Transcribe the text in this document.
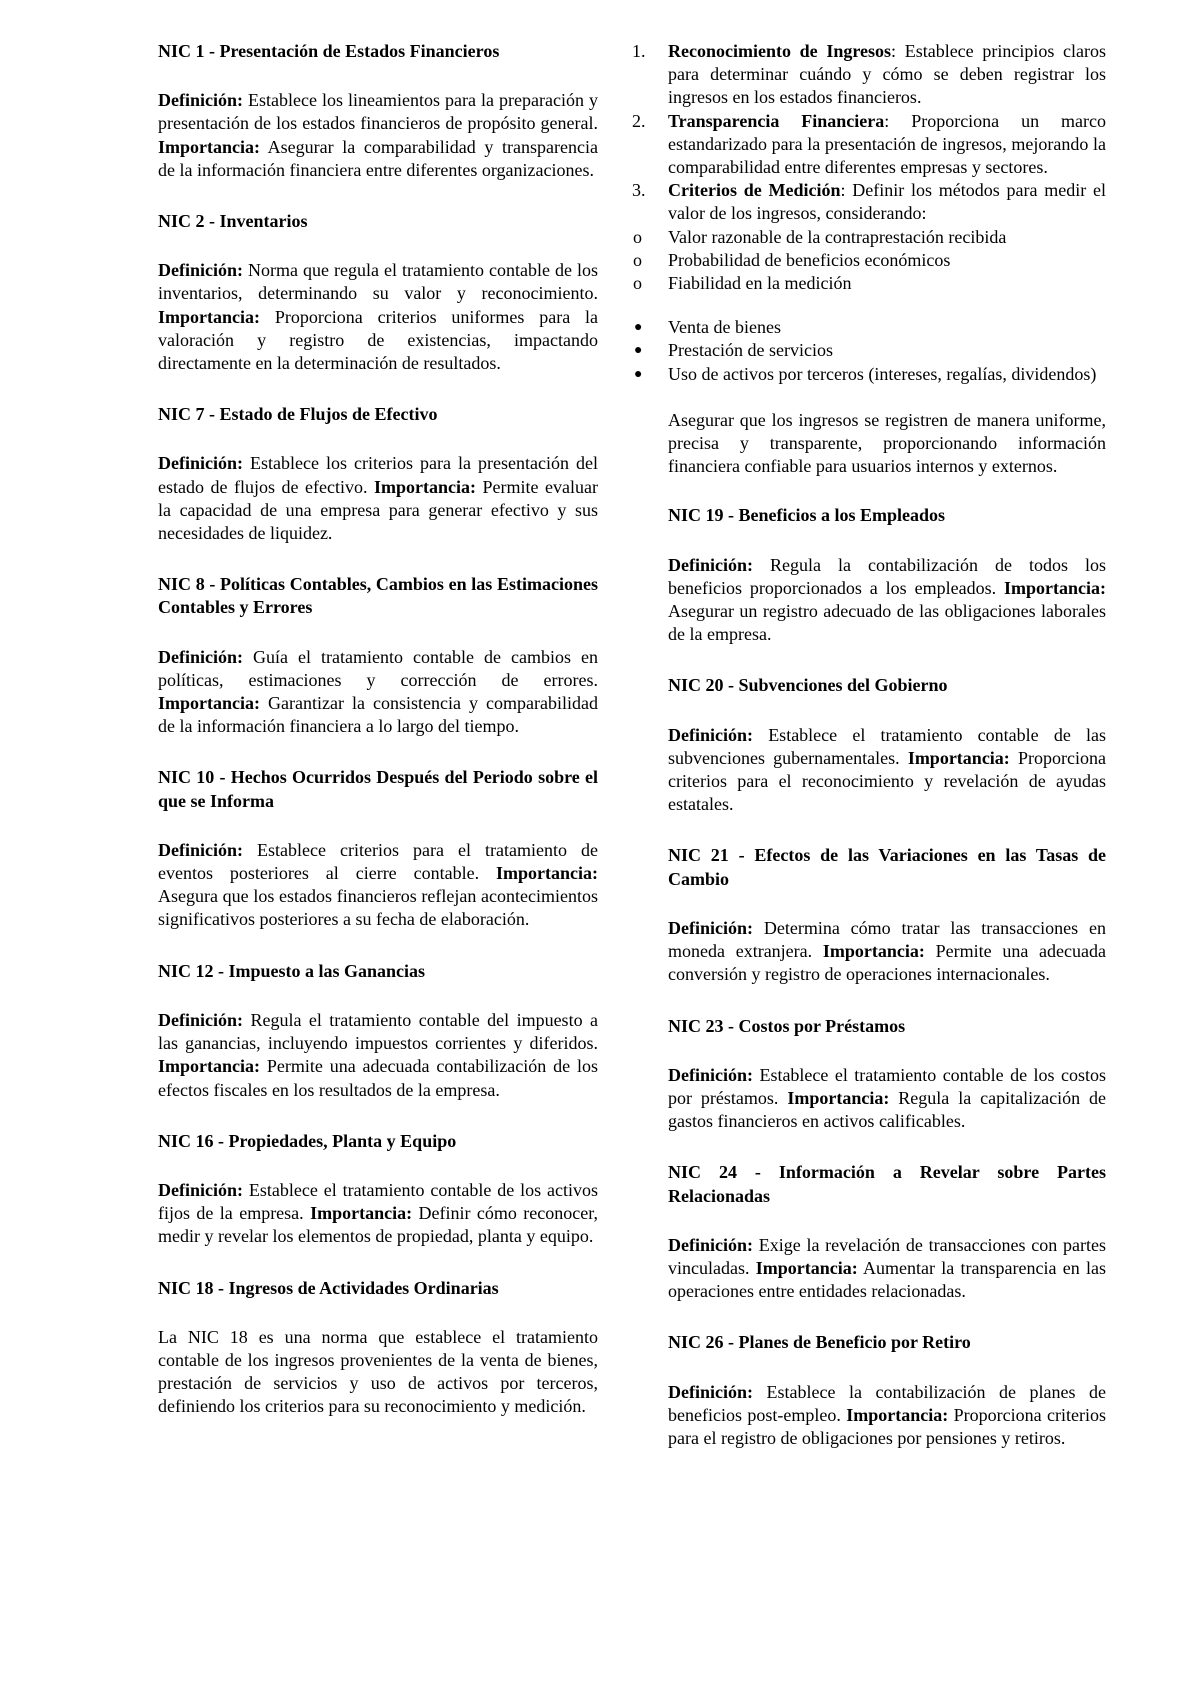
NIC 1 - Presentación de Estados Financieros

Definición: Establece los lineamientos para la preparación y presentación de los estados financieros de propósito general. Importancia: Asegurar la comparabilidad y transparencia de la información financiera entre diferentes organizaciones.

NIC 2 - Inventarios

Definición: Norma que regula el tratamiento contable de los inventarios, determinando su valor y reconocimiento. Importancia: Proporciona criterios uniformes para la valoración y registro de existencias, impactando directamente en la determinación de resultados.

NIC 7 - Estado de Flujos de Efectivo

Definición: Establece los criterios para la presentación del estado de flujos de efectivo. Importancia: Permite evaluar la capacidad de una empresa para generar efectivo y sus necesidades de liquidez.

NIC 8 - Políticas Contables, Cambios en las Estimaciones Contables y Errores

Definición: Guía el tratamiento contable de cambios en políticas, estimaciones y corrección de errores. Importancia: Garantizar la consistencia y comparabilidad de la información financiera a lo largo del tiempo.

NIC 10 - Hechos Ocurridos Después del Periodo sobre el que se Informa

Definición: Establece criterios para el tratamiento de eventos posteriores al cierre contable. Importancia: Asegura que los estados financieros reflejan acontecimientos significativos posteriores a su fecha de elaboración.

NIC 12 - Impuesto a las Ganancias

Definición: Regula el tratamiento contable del impuesto a las ganancias, incluyendo impuestos corrientes y diferidos. Importancia: Permite una adecuada contabilización de los efectos fiscales en los resultados de la empresa.

NIC 16 - Propiedades, Planta y Equipo

Definición: Establece el tratamiento contable de los activos fijos de la empresa. Importancia: Definir cómo reconocer, medir y revelar los elementos de propiedad, planta y equipo.

NIC 18 - Ingresos de Actividades Ordinarias

La NIC 18 es una norma que establece el tratamiento contable de los ingresos provenientes de la venta de bienes, prestación de servicios y uso de activos por terceros, definiendo los criterios para su reconocimiento y medición.

1. Reconocimiento de Ingresos: Establece principios claros para determinar cuándo y cómo se deben registrar los ingresos en los estados financieros.
2. Transparencia Financiera: Proporciona un marco estandarizado para la presentación de ingresos, mejorando la comparabilidad entre diferentes empresas y sectores.
3. Criterios de Medición: Definir los métodos para medir el valor de los ingresos, considerando:
o Valor razonable de la contraprestación recibida
o Probabilidad de beneficios económicos
o Fiabilidad en la medición
● Venta de bienes
● Prestación de servicios
● Uso de activos por terceros (intereses, regalías, dividendos)

Asegurar que los ingresos se registren de manera uniforme, precisa y transparente, proporcionando información financiera confiable para usuarios internos y externos.

NIC 19 - Beneficios a los Empleados

Definición: Regula la contabilización de todos los beneficios proporcionados a los empleados. Importancia: Asegurar un registro adecuado de las obligaciones laborales de la empresa.

NIC 20 - Subvenciones del Gobierno

Definición: Establece el tratamiento contable de las subvenciones gubernamentales. Importancia: Proporciona criterios para el reconocimiento y revelación de ayudas estatales.

NIC 21 - Efectos de las Variaciones en las Tasas de Cambio

Definición: Determina cómo tratar las transacciones en moneda extranjera. Importancia: Permite una adecuada conversión y registro de operaciones internacionales.

NIC 23 - Costos por Préstamos

Definición: Establece el tratamiento contable de los costos por préstamos. Importancia: Regula la capitalización de gastos financieros en activos calificables.

NIC 24 - Información a Revelar sobre Partes Relacionadas

Definición: Exige la revelación de transacciones con partes vinculadas. Importancia: Aumentar la transparencia en las operaciones entre entidades relacionadas.

NIC 26 - Planes de Beneficio por Retiro

Definición: Establece la contabilización de planes de beneficios post-empleo. Importancia: Proporciona criterios para el registro de obligaciones por pensiones y retiros.
